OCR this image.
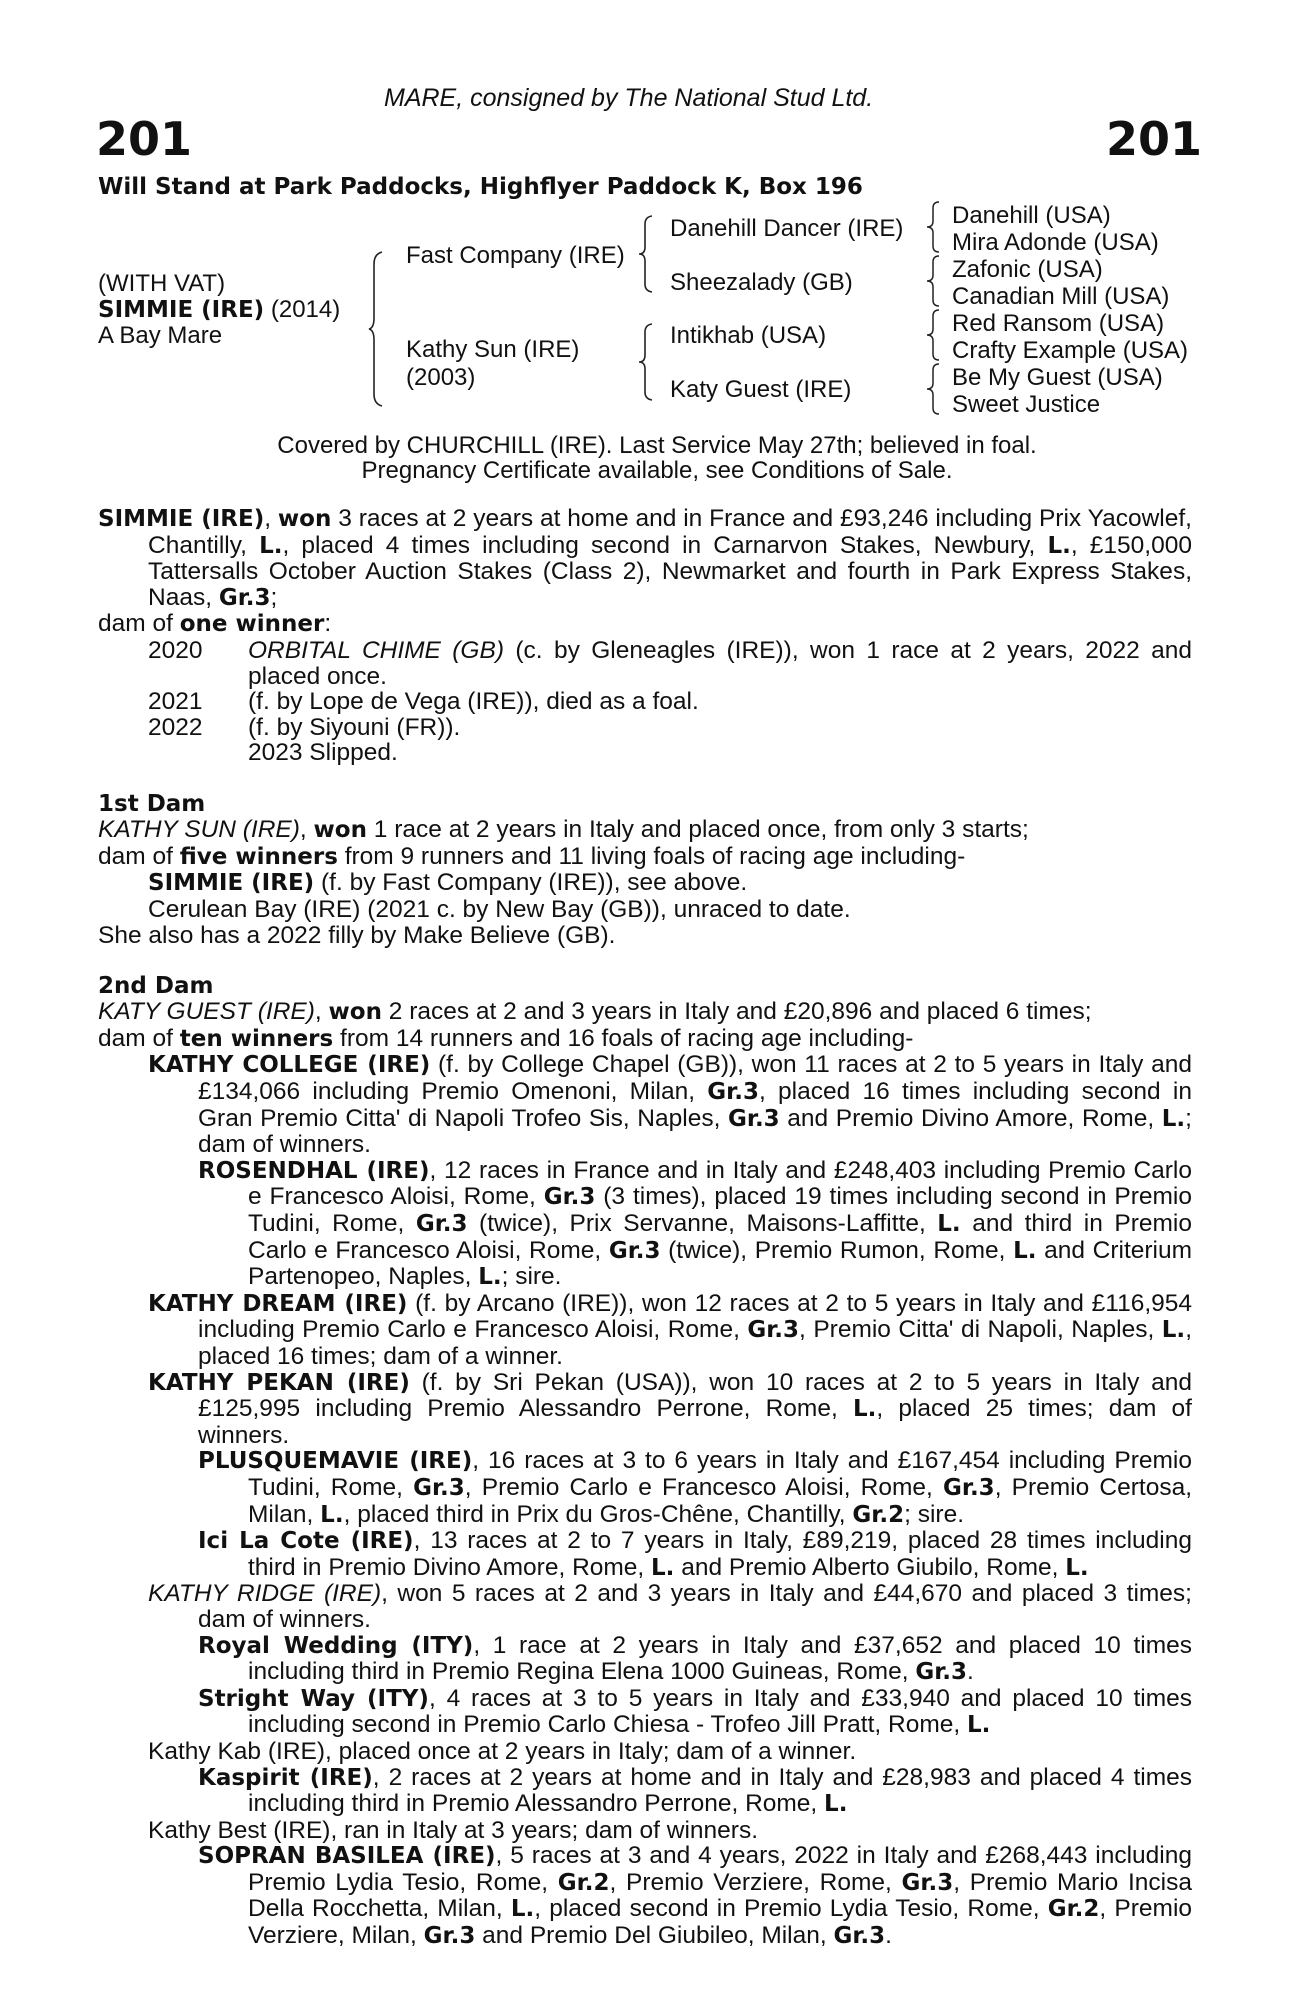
MARE, consigned by The National Stud Ltd.
201	201
Will Stand at Park Paddocks, Highflyer Paddock K, Box 196
(WITH VAT)
SIMMIE (IRE) (2014)
A Bay Mare
Fast Company (IRE)
Kathy Sun (IRE)
(2003)
Danehill Dancer (IRE)
Sheezalady (GB)
Intikhab (USA)
Katy Guest (IRE)
Danehill (USA)
Mira Adonde (USA)
Zafonic (USA)
Canadian Mill (USA)
Red Ransom (USA)
Crafty Example (USA)
Be My Guest (USA)
Sweet Justice
Covered by CHURCHILL (IRE). Last Service May 27th; believed in foal.
Pregnancy Certificate available, see Conditions of Sale.

SIMMIE (IRE), won 3 races at 2 years at home and in France and £93,246 including Prix Yacowlef, Chantilly, L., placed 4 times including second in Carnarvon Stakes, Newbury, L., £150,000 Tattersalls October Auction Stakes (Class 2), Newmarket and fourth in Park Express Stakes, Naas, Gr.3;

dam of one winner:

2020 ORBITAL CHIME (GB) (c. by Gleneagles (IRE)), won 1 race at 2 years, 2022 and placed once.

2021 (f. by Lope de Vega (IRE)), died as a foal.

2022 (f. by Siyouni (FR)).

2023 Slipped.

1st Dam

KATHY SUN (IRE), won 1 race at 2 years in Italy and placed once, from only 3 starts;

dam of five winners from 9 runners and 11 living foals of racing age including-

SIMMIE (IRE) (f. by Fast Company (IRE)), see above.

Cerulean Bay (IRE) (2021 c. by New Bay (GB)), unraced to date.

She also has a 2022 filly by Make Believe (GB).

2nd Dam

KATY GUEST (IRE), won 2 races at 2 and 3 years in Italy and £20,896 and placed 6 times;

dam of ten winners from 14 runners and 16 foals of racing age including-

KATHY COLLEGE (IRE) (f. by College Chapel (GB)), won 11 races at 2 to 5 years in Italy and £134,066 including Premio Omenoni, Milan, Gr.3, placed 16 times including second in Gran Premio Citta' di Napoli Trofeo Sis, Naples, Gr.3 and Premio Divino Amore, Rome, L.; dam of winners.

ROSENDHAL (IRE), 12 races in France and in Italy and £248,403 including Premio Carlo e Francesco Aloisi, Rome, Gr.3 (3 times), placed 19 times including second in Premio Tudini, Rome, Gr.3 (twice), Prix Servanne, Maisons-Laffitte, L. and third in Premio Carlo e Francesco Aloisi, Rome, Gr.3 (twice), Premio Rumon, Rome, L. and Criterium Partenopeo, Naples, L.; sire.

KATHY DREAM (IRE) (f. by Arcano (IRE)), won 12 races at 2 to 5 years in Italy and £116,954 including Premio Carlo e Francesco Aloisi, Rome, Gr.3, Premio Citta' di Napoli, Naples, L., placed 16 times; dam of a winner.

KATHY PEKAN (IRE) (f. by Sri Pekan (USA)), won 10 races at 2 to 5 years in Italy and £125,995 including Premio Alessandro Perrone, Rome, L., placed 25 times; dam of winners.

PLUSQUEMAVIE (IRE), 16 races at 3 to 6 years in Italy and £167,454 including Premio Tudini, Rome, Gr.3, Premio Carlo e Francesco Aloisi, Rome, Gr.3, Premio Certosa, Milan, L., placed third in Prix du Gros-Chêne, Chantilly, Gr.2; sire.

Ici La Cote (IRE), 13 races at 2 to 7 years in Italy, £89,219, placed 28 times including third in Premio Divino Amore, Rome, L. and Premio Alberto Giubilo, Rome, L.

KATHY RIDGE (IRE), won 5 races at 2 and 3 years in Italy and £44,670 and placed 3 times; dam of winners.

Royal Wedding (ITY), 1 race at 2 years in Italy and £37,652 and placed 10 times including third in Premio Regina Elena 1000 Guineas, Rome, Gr.3.

Stright Way (ITY), 4 races at 3 to 5 years in Italy and £33,940 and placed 10 times including second in Premio Carlo Chiesa - Trofeo Jill Pratt, Rome, L.

Kathy Kab (IRE), placed once at 2 years in Italy; dam of a winner.

Kaspirit (IRE), 2 races at 2 years at home and in Italy and £28,983 and placed 4 times including third in Premio Alessandro Perrone, Rome, L.

Kathy Best (IRE), ran in Italy at 3 years; dam of winners.

SOPRAN BASILEA (IRE), 5 races at 3 and 4 years, 2022 in Italy and £268,443 including Premio Lydia Tesio, Rome, Gr.2, Premio Verziere, Rome, Gr.3, Premio Mario Incisa Della Rocchetta, Milan, L., placed second in Premio Lydia Tesio, Rome, Gr.2, Premio Verziere, Milan, Gr.3 and Premio Del Giubileo, Milan, Gr.3.
